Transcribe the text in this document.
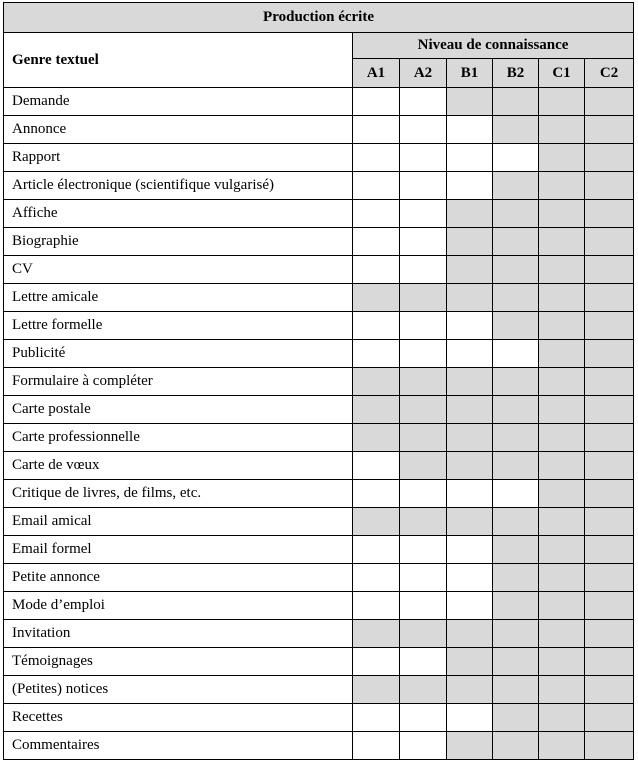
Production écrite						
Genre textuel	Niveau de connaissance					
	A1	A2	B1	B2	C1	C2
Demande						
Annonce						
Rapport						
Article électronique (scientifique vulgarisé)						
Affiche						
Biographie						
CV						
Lettre amicale						
Lettre formelle						
Publicité						
Formulaire à compléter						
Carte postale						
Carte professionnelle						
Carte de vœux						
Critique de livres, de films, etc.						
Email amical						
Email formel						
Petite annonce						
Mode d’emploi						
Invitation						
Témoignages						
(Petites) notices						
Recettes						
Commentaires						
